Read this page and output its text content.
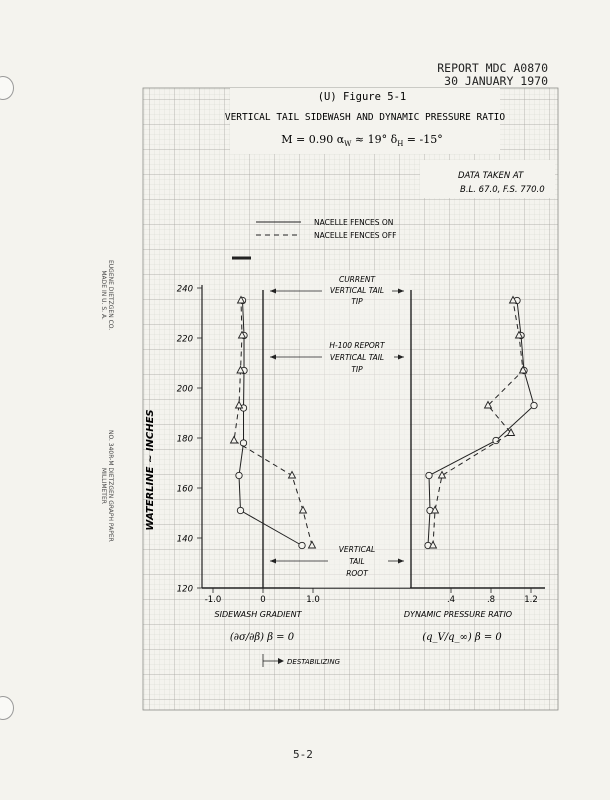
REPORT MDC A0870
30 JANUARY 1970
EUGENE DIETZGEN CO.
MADE IN U. S. A.
NO. 340R-M DIETZGEN GRAPH PAPER
MILLIMETER
(U) Figure 5-1
VERTICAL TAIL SIDEWASH AND DYNAMIC PRESSURE RATIO
M = 0.90 $\alpha_W \approx 19^\circ$ $\delta_H = -15^\circ$
DATA TAKEN AT
B.L. 67.0, F.S. 770.0
NACELLE FENCES ON
NACELLE FENCES OFF
120
140
160
180
200
220
240
WATERLINE ~ INCHES
CURRENT
VERTICAL TAIL
TIP
H-100 REPORT
VERTICAL TAIL
TIP
VERTICAL
TAIL
ROOT
-1.0	0	1.0	.4	.8	1.2
SIDEWASH GRADIENT	DYNAMIC PRESSURE RATIO
(∂σ/∂β) β = 0	(q_V/q_∞) β = 0
DESTABILIZING
5-2
